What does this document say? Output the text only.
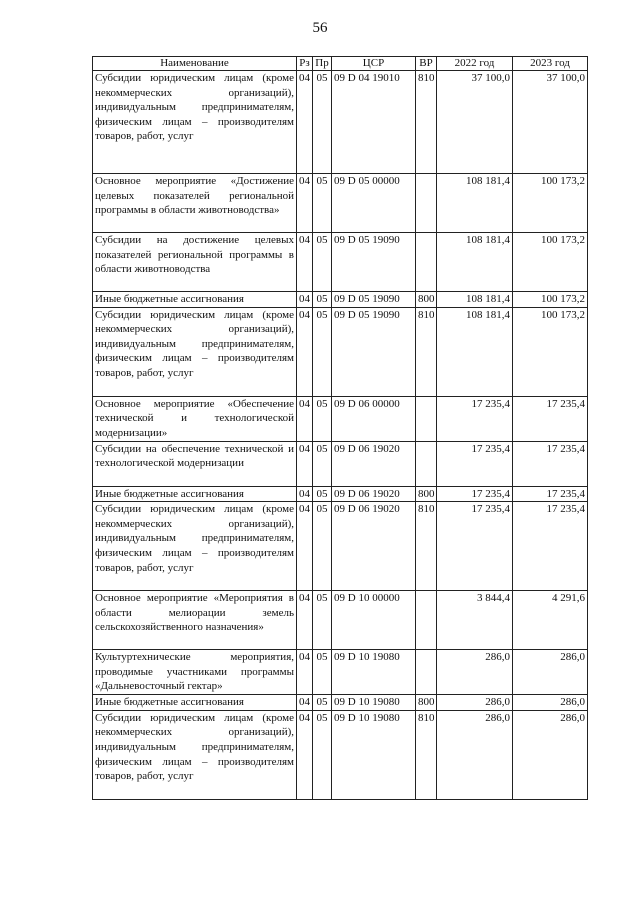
56
Наименование	Рз	Пр	ЦСР	ВР	2022 год	2023 год
Субсидии юридическим лицам (кроме некоммерческих организаций), индивидуальным предпринимателям, физическим лицам – производителям товаров, работ, услуг	04	05	09 D 04 19010	810	37 100,0	37 100,0
Основное мероприятие «Достижение целевых показателей региональной программы в области животноводства»	04	05	09 D 05 00000		108 181,4	100 173,2
Субсидии на достижение целевых показателей региональной программы в области животноводства	04	05	09 D 05 19090		108 181,4	100 173,2
Иные бюджетные ассигнования	04	05	09 D 05 19090	800	108 181,4	100 173,2
Субсидии юридическим лицам (кроме некоммерческих организаций), индивидуальным предпринимателям, физическим лицам – производителям товаров, работ, услуг	04	05	09 D 05 19090	810	108 181,4	100 173,2
Основное мероприятие «Обеспечение технической и технологической модернизации»	04	05	09 D 06 00000		17 235,4	17 235,4
Субсидии на обеспечение технической и технологической модернизации	04	05	09 D 06 19020		17 235,4	17 235,4
Иные бюджетные ассигнования	04	05	09 D 06 19020	800	17 235,4	17 235,4
Субсидии юридическим лицам (кроме некоммерческих организаций), индивидуальным предпринимателям, физическим лицам – производителям товаров, работ, услуг	04	05	09 D 06 19020	810	17 235,4	17 235,4
Основное мероприятие «Мероприятия в области мелиорации земель сельскохозяйственного назначения»	04	05	09 D 10 00000		3 844,4	4 291,6
Культуртехнические мероприятия, проводимые участниками программы «Дальневосточный гектар»	04	05	09 D 10 19080		286,0	286,0
Иные бюджетные ассигнования	04	05	09 D 10 19080	800	286,0	286,0
Субсидии юридическим лицам (кроме некоммерческих организаций), индивидуальным предпринимателям, физическим лицам – производителям товаров, работ, услуг	04	05	09 D 10 19080	810	286,0	286,0
